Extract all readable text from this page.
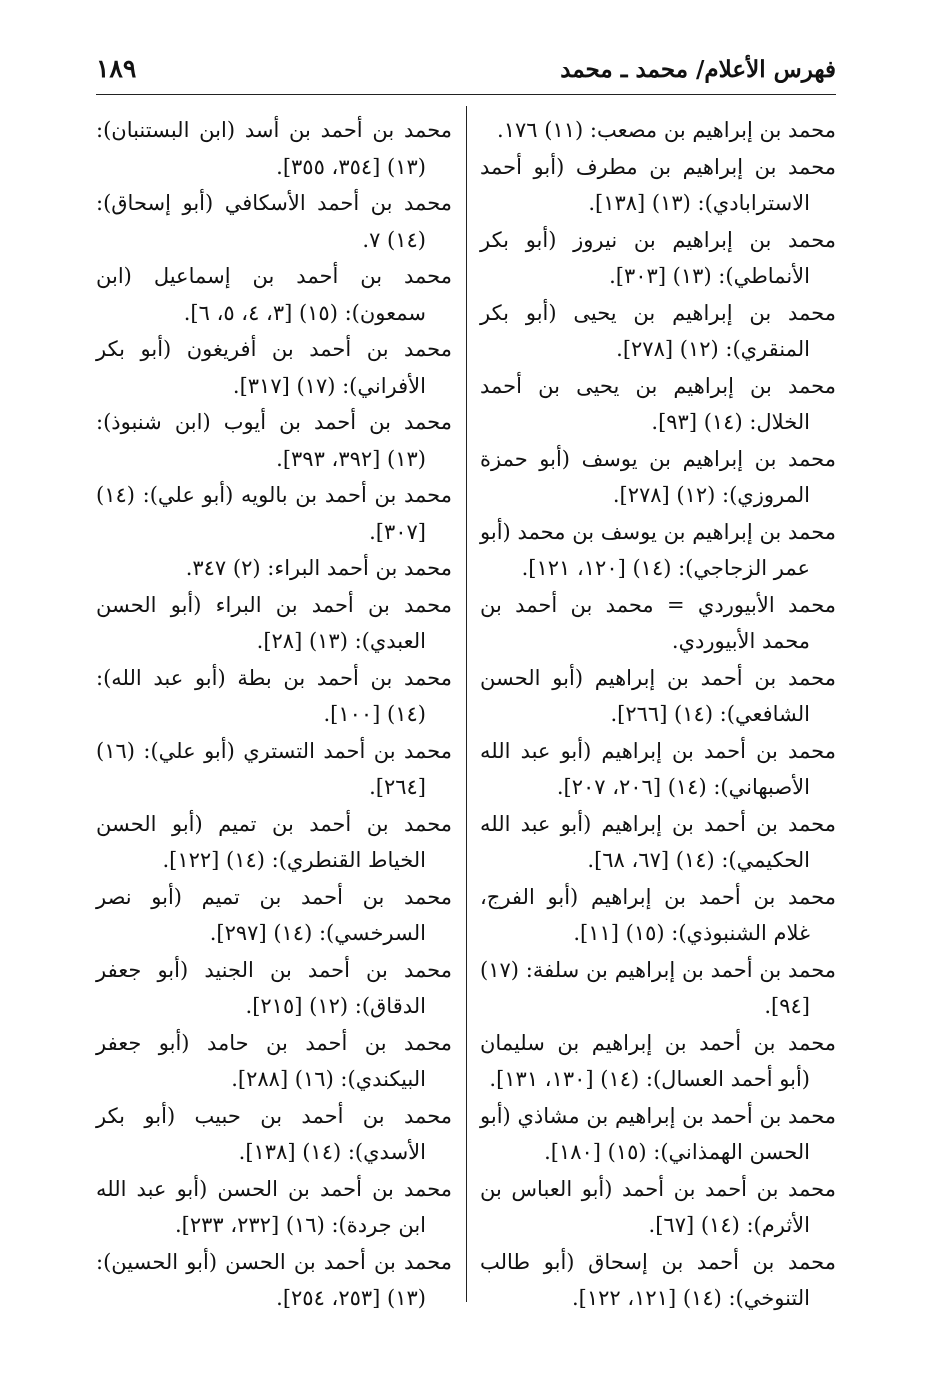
فهرس الأعلام/ محمد ـ محمد
١٨٩

محمد بن إبراهيم بن مصعب: (١١) ١٧٦.

محمد بن إبراهيم بن مطرف (أبو أحمد الاسترابادي): (١٣) [١٣٨].

محمد بن إبراهيم بن نيروز (أبو بكر الأنماطي): (١٣) [٣٠٣].

محمد بن إبراهيم بن يحيى (أبو بكر المنقري): (١٢) [٢٧٨].

محمد بن إبراهيم بن يحيى بن أحمد الخلال: (١٤) [٩٣].

محمد بن إبراهيم بن يوسف (أبو حمزة المروزي): (١٢) [٢٧٨].

محمد بن إبراهيم بن يوسف بن محمد (أبو عمر الزجاجي): (١٤) [١٢٠، ١٢١].

محمد الأبيوردي = محمد بن أحمد بن محمد الأبيوردي.

محمد بن أحمد بن إبراهيم (أبو الحسن الشافعي): (١٤) [٢٦٦].

محمد بن أحمد بن إبراهيم (أبو عبد الله الأصبهاني): (١٤) [٢٠٦، ٢٠٧].

محمد بن أحمد بن إبراهيم (أبو عبد الله الحكيمي): (١٤) [٦٧، ٦٨].

محمد بن أحمد بن إبراهيم (أبو الفرج، غلام الشنبوذي): (١٥) [١١].

محمد بن أحمد بن إبراهيم بن سلفة: (١٧) [٩٤].

محمد بن أحمد بن إبراهيم بن سليمان (أبو أحمد العسال): (١٤) [١٣٠، ١٣١].

محمد بن أحمد بن إبراهيم بن مشاذي (أبو الحسن الهمذاني): (١٥) [١٨٠].

محمد بن أحمد بن أحمد (أبو العباس بن الأثرم): (١٤) [٦٧].

محمد بن أحمد بن إسحاق (أبو طالب التنوخي): (١٤) [١٢١، ١٢٢].

محمد بن أحمد بن أسد (ابن البستنبان): (١٣) [٣٥٤، ٣٥٥].

محمد بن أحمد الأسكافي (أبو إسحاق): (١٤) ٧.

محمد بن أحمد بن إسماعيل (ابن سمعون): (١٥) [٣، ٤، ٥، ٦].

محمد بن أحمد بن أفريغون (أبو بكر الأفراني): (١٧) [٣١٧].

محمد بن أحمد بن أيوب (ابن شنبوذ): (١٣) [٣٩٢، ٣٩٣].

محمد بن أحمد بن بالويه (أبو علي): (١٤) [٣٠٧].

محمد بن أحمد البراء: (٢) ٣٤٧.

محمد بن أحمد بن البراء (أبو الحسن العبدي): (١٣) [٢٨].

محمد بن أحمد بن بطة (أبو عبد الله): (١٤) [١٠٠].

محمد بن أحمد التستري (أبو علي): (١٦) [٢٦٤].

محمد بن أحمد بن تميم (أبو الحسن الخياط القنطري): (١٤) [١٢٢].

محمد بن أحمد بن تميم (أبو نصر السرخسي): (١٤) [٢٩٧].

محمد بن أحمد بن الجنيد (أبو جعفر الدقاق): (١٢) [٢١٥].

محمد بن أحمد بن حامد (أبو جعفر البيكندي): (١٦) [٢٨٨].

محمد بن أحمد بن حبيب (أبو بكر الأسدي): (١٤) [١٣٨].

محمد بن أحمد بن الحسن (أبو عبد الله ابن جردة): (١٦) [٢٣٢، ٢٣٣].

محمد بن أحمد بن الحسن (أبو الحسين): (١٣) [٢٥٣، ٢٥٤].
